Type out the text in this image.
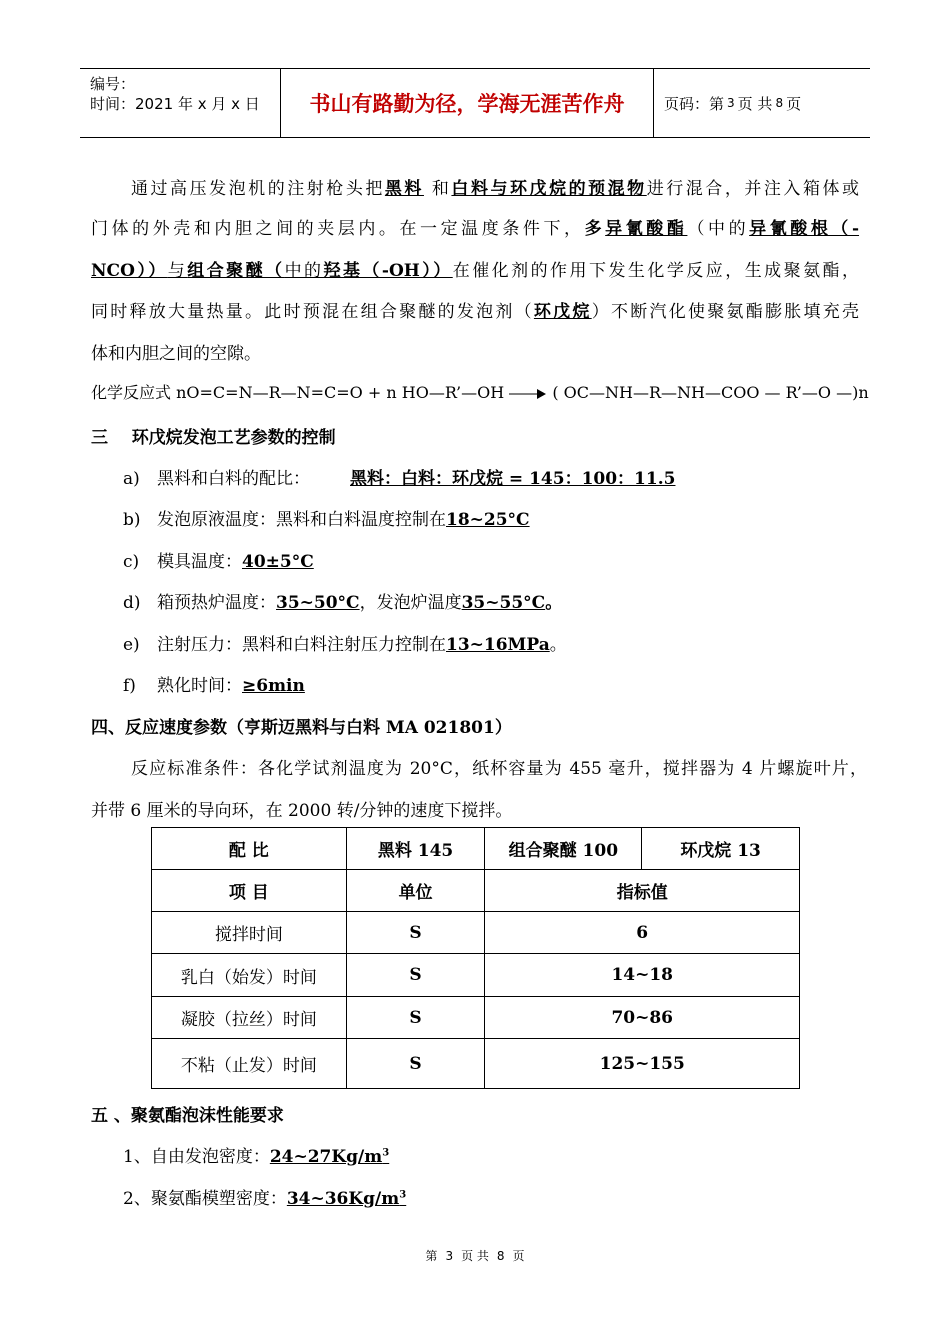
编号：
时间：2021 年 x 月 x 日	书山有路勤为径，学海无涯苦作舟	页码：第 3 页 共 8 页
通过高压发泡机的注射枪头把黑料 和白料与环戊烷的预混物进行混合，并注入箱体或
门体的外壳和内胆之间的夹层内。在一定温度条件下，多异氰酸酯（中的异氰酸根（-
NCO））与组合聚醚（中的羟基（-OH））在催化剂的作用下发生化学反应，生成聚氨酯，
同时释放大量热量。此时预混在组合聚醚的发泡剂（环戊烷）不断汽化使聚氨酯膨胀填充壳
体和内胆之间的空隙。
化学反应式 nO=C=N—R—N=C=O + n HO—R’—OH	( OC—NH—R—NH—COO — R’—O —)n
三 环戊烷发泡工艺参数的控制
a) 黑料和白料的配比： 黑料：白料：环戊烷 = 145：100：11.5
b) 发泡原液温度：黑料和白料温度控制在18~25°C
c) 模具温度：40±5°C
d) 箱预热炉温度：35~50°C，发泡炉温度35~55°C。
e) 注射压力：黑料和白料注射压力控制在13~16MPa。
f) 熟化时间：≥6min
四、反应速度参数（亨斯迈黑料与白料 MA 021801）
反应标准条件：各化学试剂温度为 20°C，纸杯容量为 455 毫升，搅拌器为 4 片螺旋叶片，
并带 6 厘米的导向环，在 2000 转/分钟的速度下搅拌。
配 比	黑料 145	组合聚醚 100	环戊烷 13
项 目	单位	指标值	
搅拌时间	S	6	
乳白（始发）时间	S	14~18	
凝胶（拉丝）时间	S	70~86	
不粘（止发）时间	S	125~155	
五 、聚氨酯泡沫性能要求
1、自由发泡密度：$24\sim 27Kg/m^3$
2、聚氨酯模塑密度：$34\sim 36Kg/m^3$
第 3 页 共 8 页
